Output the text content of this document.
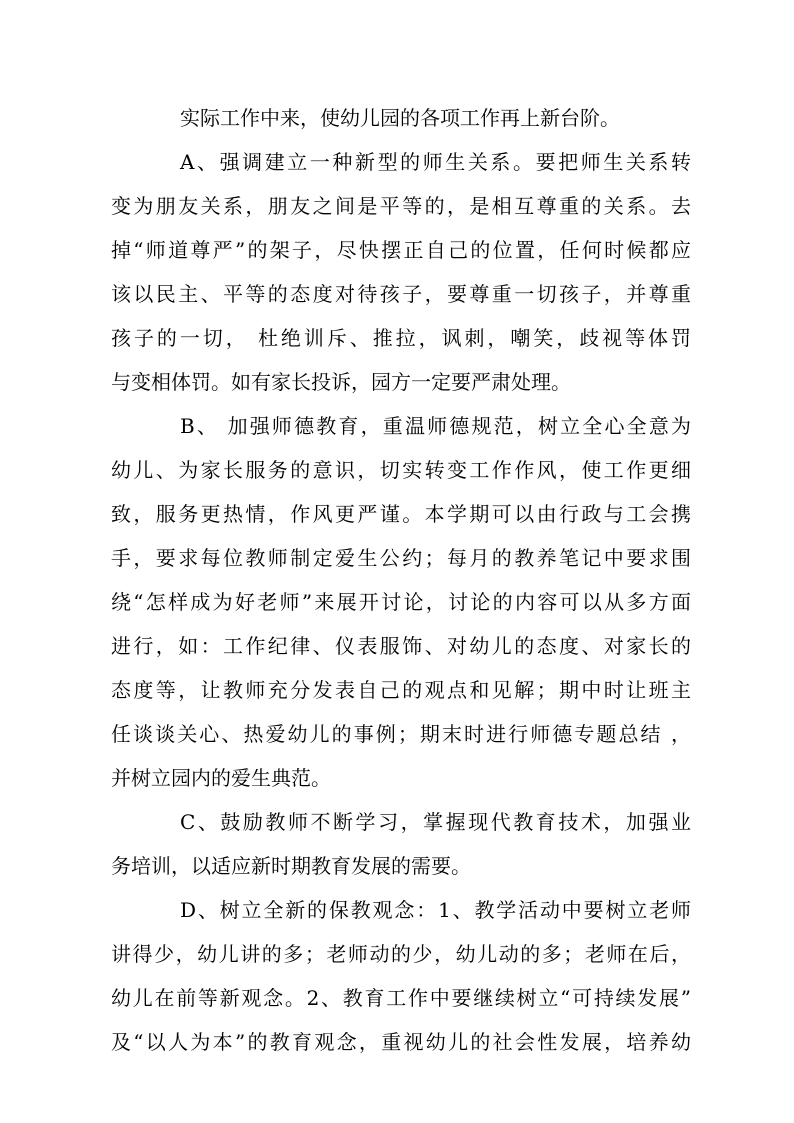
实际工作中来，使幼儿园的各项工作再上新台阶。
A、强调建立一种新型的师生关系。要把师生关系转
变为朋友关系，朋友之间是平等的，是相互尊重的关系。去
掉“师道尊严”的架子，尽快摆正自己的位置，任何时候都应
该以民主、平等的态度对待孩子，要尊重一切孩子，并尊重
孩子的一切， 杜绝训斥、推拉，讽刺，嘲笑，歧视等体罚
与变相体罚。如有家长投诉，园方一定要严肃处理。
B、 加强师德教育，重温师德规范，树立全心全意为
幼儿、为家长服务的意识，切实转变工作作风，使工作更细
致，服务更热情，作风更严谨。本学期可以由行政与工会携
手，要求每位教师制定爱生公约；每月的教养笔记中要求围
绕“怎样成为好老师”来展开讨论，讨论的内容可以从多方面
进行，如：工作纪律、仪表服饰、对幼儿的态度、对家长的
态度等，让教师充分发表自己的观点和见解；期中时让班主
任谈谈关心、热爱幼儿的事例；期末时进行师德专题总结 ，
并树立园内的爱生典范。
C、鼓励教师不断学习，掌握现代教育技术，加强业
务培训，以适应新时期教育发展的需要。
D、树立全新的保教观念：1、教学活动中要树立老师
讲得少，幼儿讲的多；老师动的少，幼儿动的多；老师在后，
幼儿在前等新观念。2、教育工作中要继续树立“可持续发展”
及“以人为本”的教育观念，重视幼儿的社会性发展，培养幼
